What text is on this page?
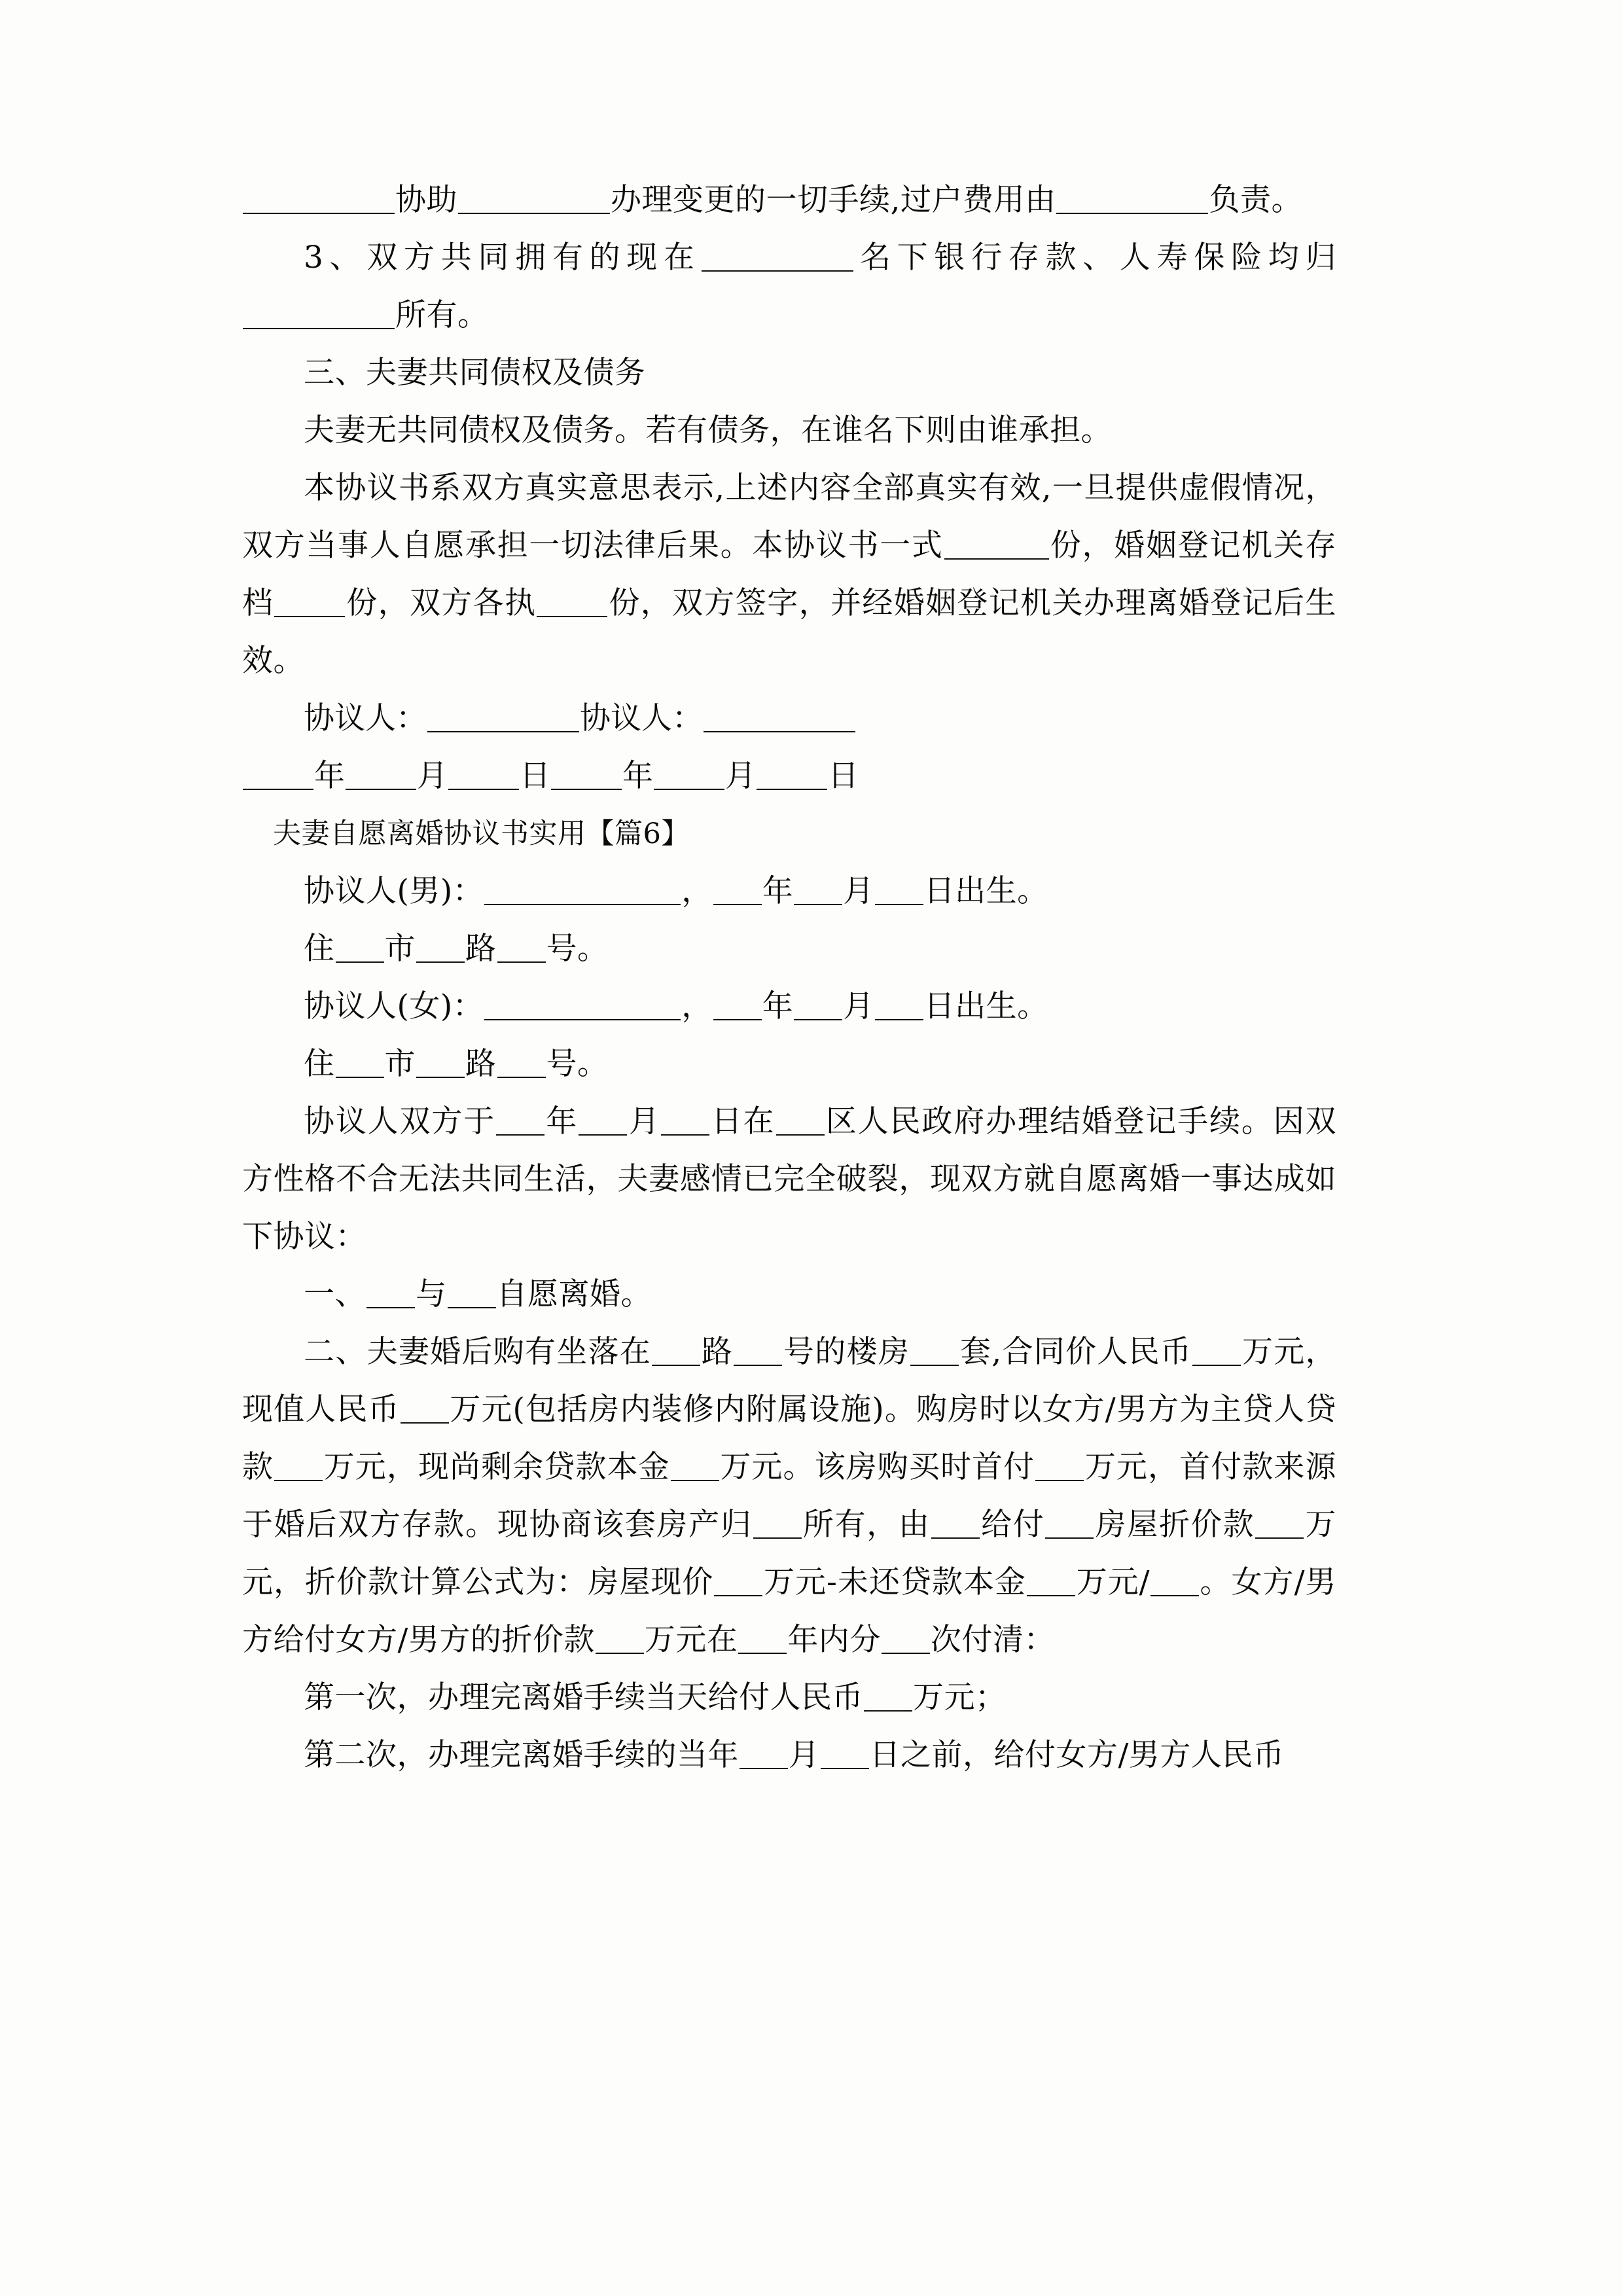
协助	办理变更的一切手续,过户费用由	负责。

3、双方共同拥有的现在	名下银行存款、人寿保险均归所有。

三、夫妻共同债权及债务

夫妻无共同债权及债务。若有债务，在谁名下则由谁承担。

本协议书系双方真实意思表示,上述内容全部真实有效,一旦提供虚假情况，双方当事人自愿承担一切法律后果。本协议书一式	份，婚姻登记机关存档 份，双方各执 份，双方签字，并经婚姻登记机关办理离婚登记后生效。

协议人：	协议人：

年 月 日 年 月 日

夫妻自愿离婚协议书实用【篇6】

协议人(男)：	， 年 月 日出生。

住 市 路 号。

协议人(女)：	， 年 月 日出生。

住 市 路 号。

协议人双方于 年 月 日在 区人民政府办理结婚登记手续。因双方性格不合无法共同生活，夫妻感情已完全破裂，现双方就自愿离婚一事达成如下协议：

一、 与 自愿离婚。

二、夫妻婚后购有坐落在 路 号的楼房 套,合同价人民币 万元，现值人民币 万元(包括房内装修内附属设施)。购房时以女方/男方为主贷人贷款 万元，现尚剩余贷款本金 万元。该房购买时首付 万元，首付款来源于婚后双方存款。现协商该套房产归 所有，由 给付 房屋折价款 万元，折价款计算公式为：房屋现价 万元-未还贷款本金 万元/ 。女方/男方给付女方/男方的折价款 万元在 年内分 次付清：

第一次，办理完离婚手续当天给付人民币 万元；

第二次，办理完离婚手续的当年 月 日之前，给付女方/男方人民币
